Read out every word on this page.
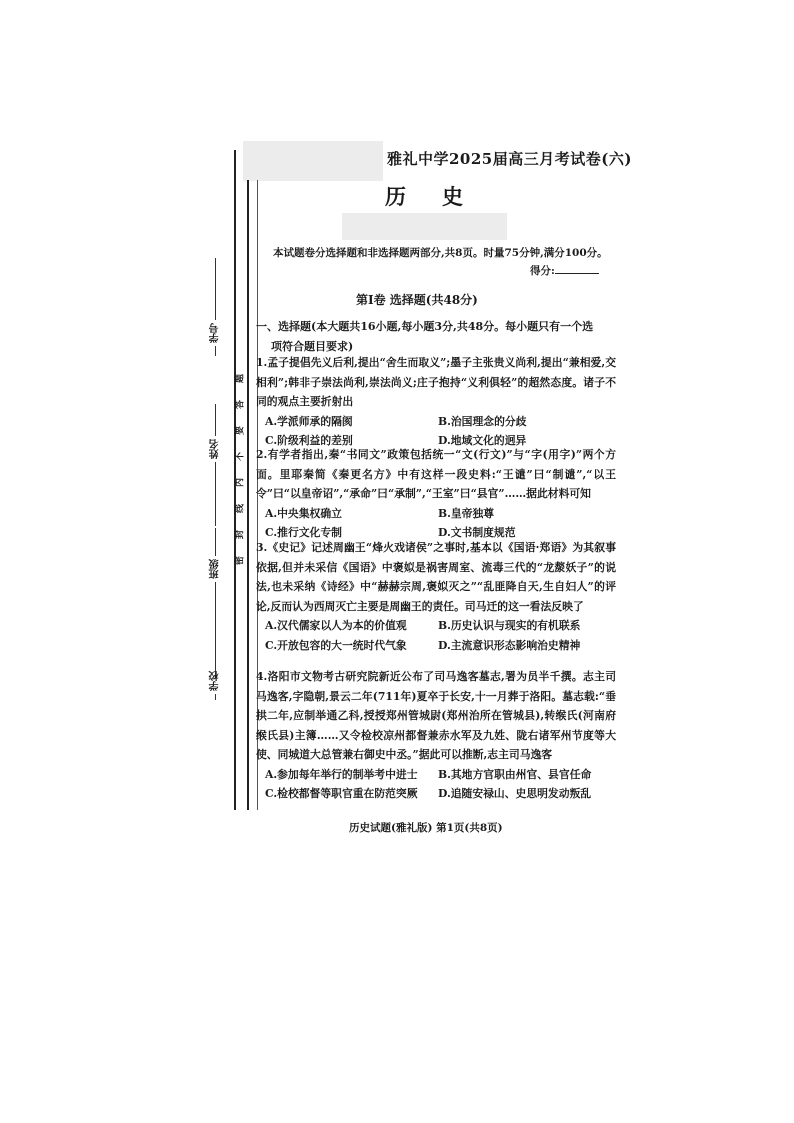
学号
姓名
班级
学校
题
答
要
不
内
线
封
密
雅礼中学2025届高三月考试卷(六)
历 史
本试题卷分选择题和非选择题两部分,共8页。时量75分钟,满分100分。
得分:
第Ⅰ卷 选择题(共48分)
一、选择题(本大题共16小题,每小题3分,共48分。每小题只有一个选
项符合题目要求)

1.孟子提倡先义后利,提出“舍生而取义”;墨子主张贵义尚利,提出“兼相爱,交相利”;韩非子崇法尚利,崇法尚义;庄子抱持“义利俱轻”的超然态度。诸子不同的观点主要折射出

A.学派师承的隔阂	B.治国理念的分歧
C.阶级利益的差别	D.地域文化的迥异

2.有学者指出,秦“书同文”政策包括统一“文(行文)”与“字(用字)”两个方面。里耶秦简《秦更名方》中有这样一段史料:“王谴”曰“制谴”,“以王令”曰“以皇帝诏”,“承命”曰“承制”,“王室”曰“县官”……据此材料可知

A.中央集权确立	B.皇帝独尊
C.推行文化专制	D.文书制度规范

3.《史记》记述周幽王“烽火戏诸侯”之事时,基本以《国语·郑语》为其叙事依据,但并未采信《国语》中褒姒是祸害周室、流毒三代的“龙漦妖子”的说法,也未采纳《诗经》中“赫赫宗周,褒姒灭之”“乱匪降自天,生自妇人”的评论,反而认为西周灭亡主要是周幽王的责任。司马迁的这一看法反映了

A.汉代儒家以人为本的价值观	B.历史认识与现实的有机联系
C.开放包容的大一统时代气象	D.主流意识形态影响治史精神

4.洛阳市文物考古研究院新近公布了司马逸客墓志,署为员半千撰。志主司马逸客,字隐朝,景云二年(711年)夏卒于长安,十一月葬于洛阳。墓志载:“垂拱二年,应制举通乙科,授授郑州管城尉(郑州治所在管城县),转缑氏(河南府缑氏县)主簿……又令检校凉州都督兼赤水军及九姓、陇右诸军州节度等大使、同城道大总管兼右御史中丞。”据此可以推断,志主司马逸客

A.参加每年举行的制举考中进士	B.其地方官职由州官、县官任命
C.检校都督等职官重在防范突厥	D.追随安禄山、史思明发动叛乱
历史试题(雅礼版) 第1页(共8页)
